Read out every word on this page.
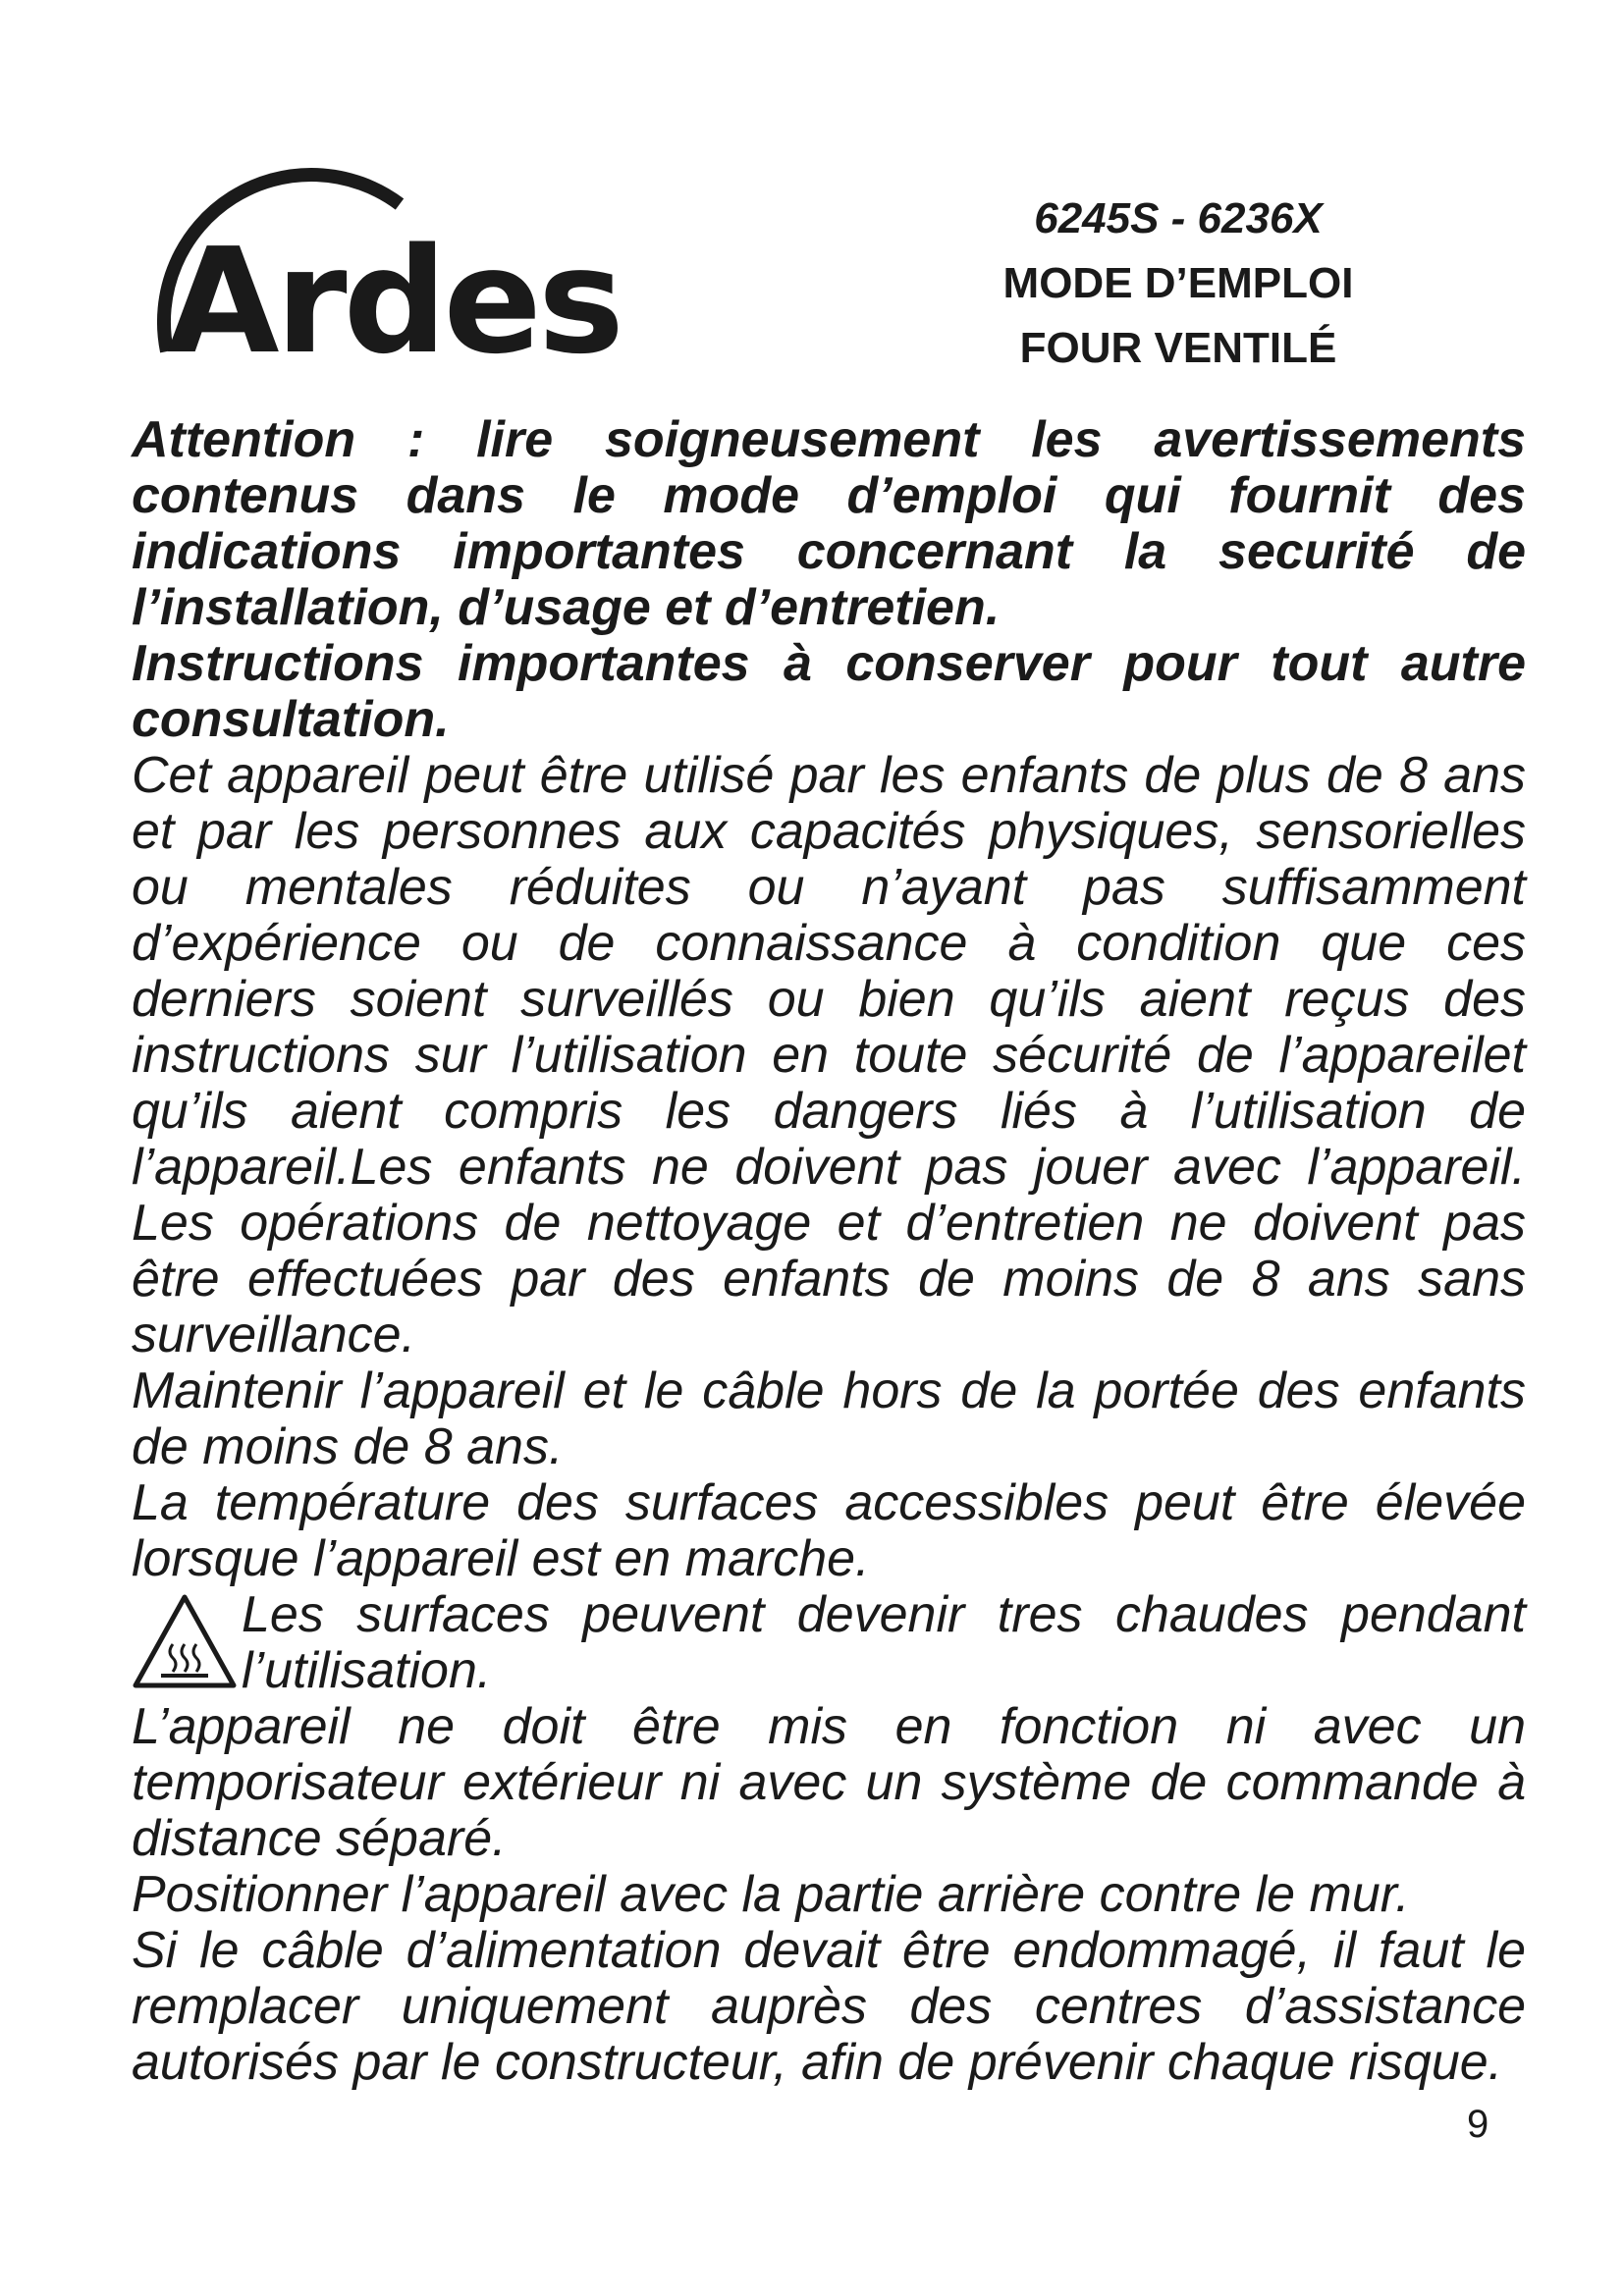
Ardes	6245S - 6236X
MODE D’EMPLOI
FOUR VENTILÉ

Attention : lire soigneusement les avertissements contenus dans le mode d’emploi qui fournit des indications importantes concernant la securité de l’installation, d’usage et d’entretien.

Instructions importantes à conserver pour tout autre consultation.

Cet appareil peut être utilisé par les enfants de plus de 8 ans et par les personnes aux capacités physiques, sensorielles ou mentales réduites ou n’ayant pas suffisamment d’expérience ou de connaissance à condition que ces derniers soient surveillés ou bien qu’ils aient reçus des instructions sur l’utilisation en toute sécurité de l’appareilet qu’ils aient compris les dangers liés à l’utilisation de l’appareil.Les enfants ne doivent pas jouer avec l’appareil. Les opérations de nettoyage et d’entretien ne doivent pas être effectuées par des enfants de moins de 8 ans sans surveillance.

Maintenir l’appareil et le câble hors de la portée des enfants de moins de 8 ans.

La température des surfaces accessibles peut être élevée lorsque l’appareil est en marche.

Les surfaces peuvent devenir tres chaudes pendant l’utilisation.

L’appareil ne doit être mis en fonction ni avec un temporisateur extérieur ni avec un système de commande à distance séparé.

Positionner l’appareil avec la partie arrière contre le mur.

Si le câble d’alimentation devait être endommagé, il faut le remplacer uniquement auprès des centres d’assistance autorisés par le constructeur, afin de prévenir chaque risque.

9
